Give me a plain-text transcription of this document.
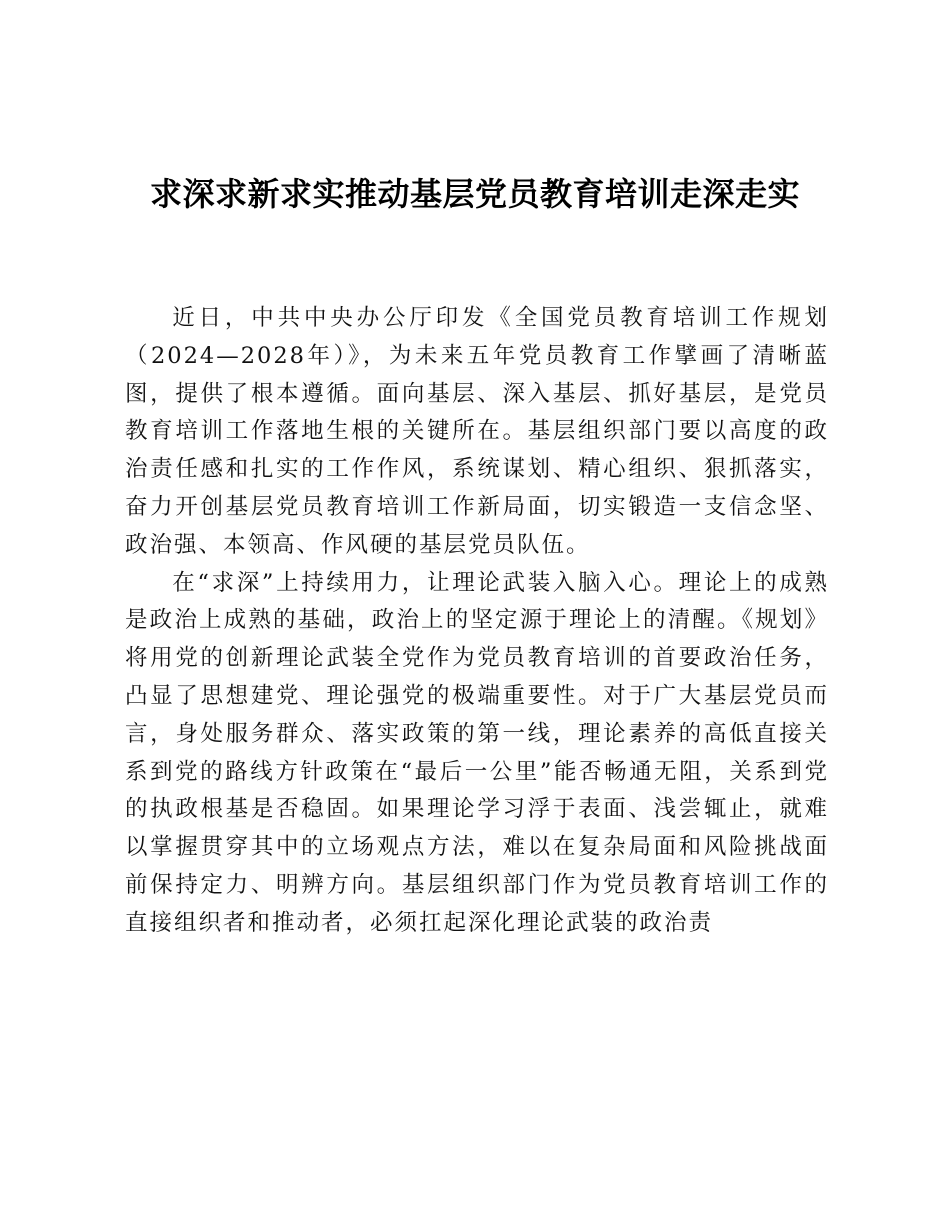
求深求新求实推动基层党员教育培训走深走实

近日，中共中央办公厅印发《全国党员教育培训工作规划（2024—2028年）》，为未来五年党员教育工作擘画了清晰蓝图，提供了根本遵循。面向基层、深入基层、抓好基层，是党员教育培训工作落地生根的关键所在。基层组织部门要以高度的政治责任感和扎实的工作作风，系统谋划、精心组织、狠抓落实，奋力开创基层党员教育培训工作新局面，切实锻造一支信念坚、政治强、本领高、作风硬的基层党员队伍。

在“求深”上持续用力，让理论武装入脑入心。理论上的成熟是政治上成熟的基础，政治上的坚定源于理论上的清醒。《规划》将用党的创新理论武装全党作为党员教育培训的首要政治任务，凸显了思想建党、理论强党的极端重要性。对于广大基层党员而言，身处服务群众、落实政策的第一线，理论素养的高低直接关系到党的路线方针政策在“最后一公里”能否畅通无阻，关系到党的执政根基是否稳固。如果理论学习浮于表面、浅尝辄止，就难以掌握贯穿其中的立场观点方法，难以在复杂局面和风险挑战面前保持定力、明辨方向。基层组织部门作为党员教育培训工作的直接组织者和推动者，必须扛起深化理论武装的政治责
